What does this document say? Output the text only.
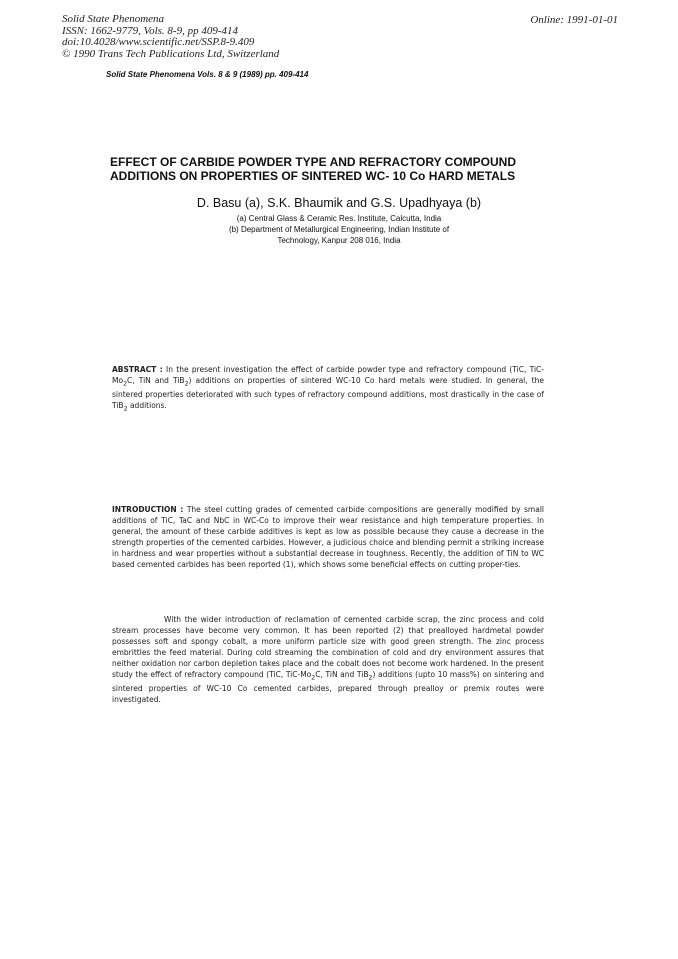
Solid State Phenomena
ISSN: 1662-9779, Vols. 8-9, pp 409-414
doi:10.4028/www.scientific.net/SSP.8-9.409
© 1990 Trans Tech Publications Ltd, Switzerland
Online: 1991-01-01
Solid State Phenomena Vols. 8 & 9 (1989) pp. 409-414
EFFECT OF CARBIDE POWDER TYPE AND REFRACTORY COMPOUND
ADDITIONS ON PROPERTIES OF SINTERED WC- 10 Co HARD METALS
D. Basu (a), S.K. Bhaumik and G.S. Upadhyaya (b)
(a) Central Glass & Ceramic Res. Institute, Calcutta, India
(b) Department of Metallurgical Engineering, Indian Institute of
Technology, Kanpur 208 016, India

ABSTRACT : In the present investigation the effect of carbide powder type and refractory compound (TiC, TiC-$Mo_2C$, TiN and TiB$_2$) additions on properties of sintered WC-10 Co hard metals were studied. In general, the sintered properties deteriorated with such types of refractory compound additions, most drastically in the case of TiB$_2$ additions.

INTRODUCTION : The steel cutting grades of cemented carbide compositions are generally modified by small additions of TiC, TaC and NbC in WC-Co to improve their wear resistance and high temperature properties. In general, the amount of these carbide additives is kept as low as possible because they cause a decrease in the strength properties of the cemented carbides. However, a judicious choice and blending permit a striking increase in hardness and wear properties without a substantial decrease in toughness. Recently, the addition of TiN to WC based cemented carbides has been reported (1), which shows some beneficial effects on cutting proper-ties.

With the wider introduction of reclamation of cemented carbide scrap, the zinc process and cold stream processes have become very common. It has been reported (2) that prealloyed hardmetal powder possesses soft and spongy cobalt, a more uniform particle size with good green strength. The zinc process embrittles the feed material. During cold streaming the combination of cold and dry environment assures that neither oxidation nor carbon depletion takes place and the cobalt does not become work hardened. In the present study the effect of refractory compound (TiC, TiC-$Mo_2C$, TiN and TiB$_2$) additions (upto 10 mass%) on sintering and sintered properties of WC-10 Co cemented carbides, prepared through prealloy or premix routes were investigated.
